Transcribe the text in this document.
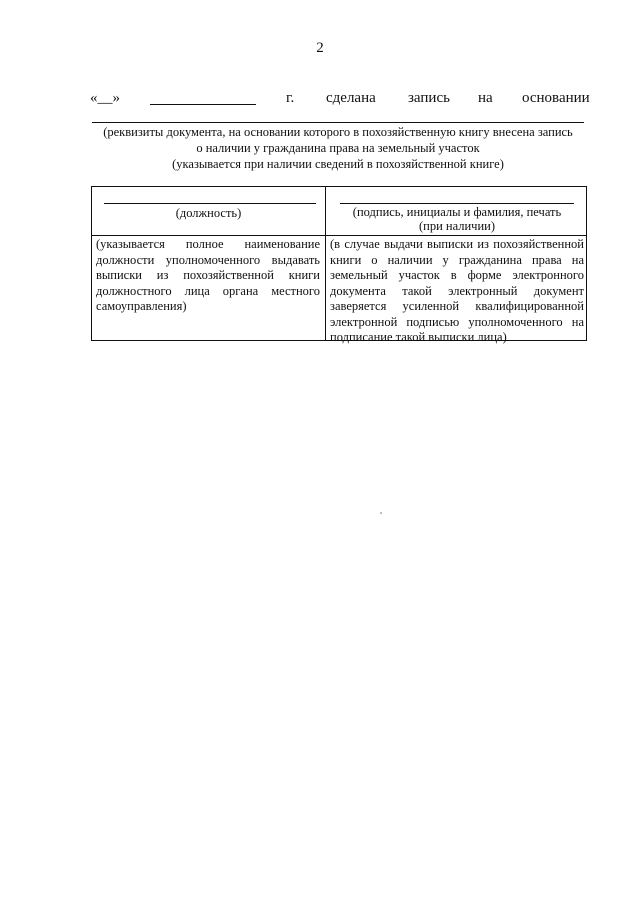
2
«__»	г. сделана запись на основании
(реквизиты документа, на основании которого в похозяйственную книгу внесена запись
о наличии у гражданина права на земельный участок
(указывается при наличии сведений в похозяйственной книге)
(должность)	(подпись, инициалы и фамилия, печать
(при наличии)
(указывается полное наименование должности уполномоченного выдавать выписки из похозяйственной книги должностного лица органа местного самоуправления)
(в случае выдачи выписки из похозяйственной книги о наличии у гражданина права на земельный участок в форме электронного документа такой электронный документ заверяется усиленной квалифицированной электронной подписью уполномоченного на подписание такой выписки лица)
